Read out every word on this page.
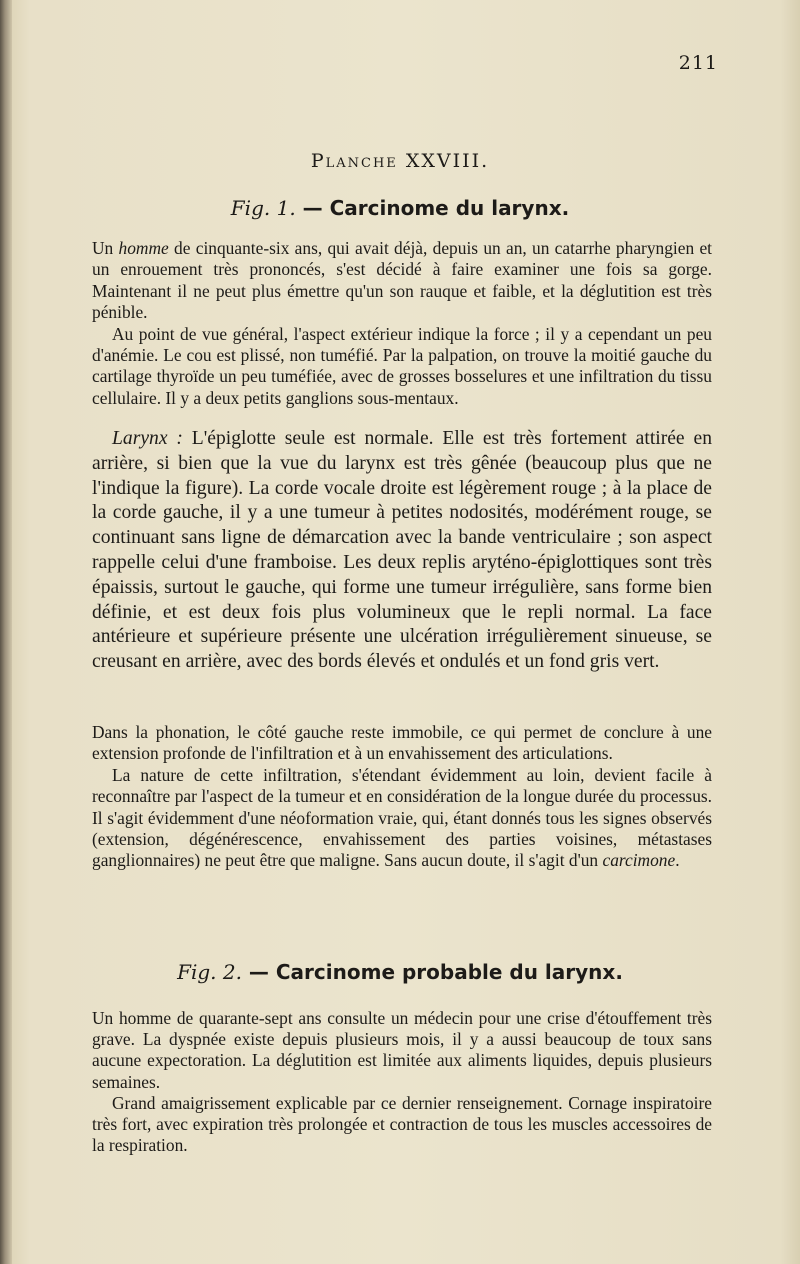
211
Planche XXVIII.
Fig. 1. — Carcinome du larynx.

Un homme de cinquante-six ans, qui avait déjà, depuis un an, un catarrhe pharyngien et un enrouement très prononcés, s'est décidé à faire examiner une fois sa gorge. Maintenant il ne peut plus émettre qu'un son rauque et faible, et la déglutition est très pénible.

Au point de vue général, l'aspect extérieur indique la force ; il y a cependant un peu d'anémie. Le cou est plissé, non tuméfié. Par la palpation, on trouve la moitié gauche du cartilage thyroïde un peu tuméfiée, avec de grosses bosselures et une infiltration du tissu cellulaire. Il y a deux petits ganglions sous-mentaux.

Larynx : L'épiglotte seule est normale. Elle est très fortement attirée en arrière, si bien que la vue du larynx est très gênée (beaucoup plus que ne l'indique la figure). La corde vocale droite est légèrement rouge ; à la place de la corde gauche, il y a une tumeur à petites nodosités, modérément rouge, se continuant sans ligne de démarcation avec la bande ventriculaire ; son aspect rappelle celui d'une framboise. Les deux replis aryténo-épiglottiques sont très épaissis, surtout le gauche, qui forme une tumeur irrégulière, sans forme bien définie, et est deux fois plus volumineux que le repli normal. La face antérieure et supérieure présente une ulcération irrégulièrement sinueuse, se creusant en arrière, avec des bords élevés et ondulés et un fond gris vert.

Dans la phonation, le côté gauche reste immobile, ce qui permet de conclure à une extension profonde de l'infiltration et à un envahissement des articulations.

La nature de cette infiltration, s'étendant évidemment au loin, devient facile à reconnaître par l'aspect de la tumeur et en considération de la longue durée du processus. Il s'agit évidemment d'une néoformation vraie, qui, étant donnés tous les signes observés (extension, dégénérescence, envahissement des parties voisines, métastases ganglionnaires) ne peut être que maligne. Sans aucun doute, il s'agit d'un carcimone.

Fig. 2. — Carcinome probable du larynx.

Un homme de quarante-sept ans consulte un médecin pour une crise d'étouffement très grave. La dyspnée existe depuis plusieurs mois, il y a aussi beaucoup de toux sans aucune expectoration. La déglutition est limitée aux aliments liquides, depuis plusieurs semaines.

Grand amaigrissement explicable par ce dernier renseignement. Cornage inspiratoire très fort, avec expiration très prolongée et contraction de tous les muscles accessoires de la respiration.
